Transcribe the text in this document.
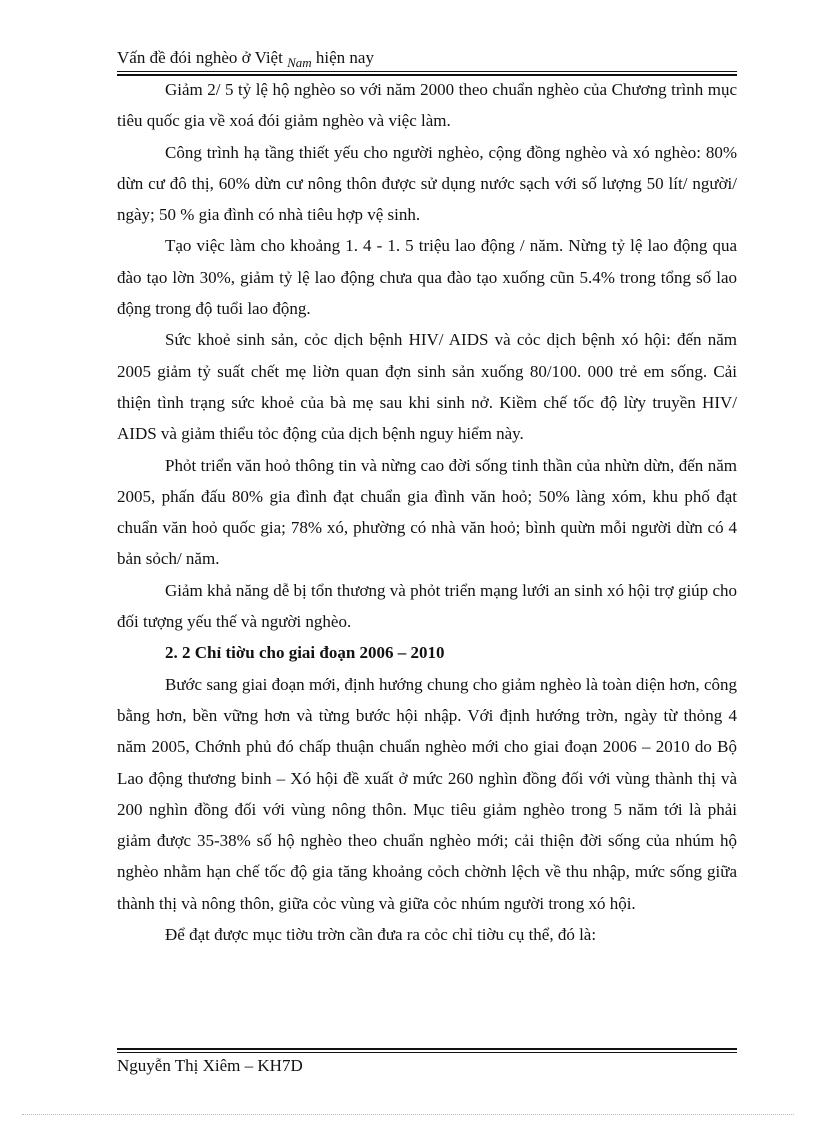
Vấn đề đói nghèo ở Việt $_{Nam}$ hiện nay

Giảm 2/ 5 tỷ lệ hộ nghèo so với năm 2000 theo chuẩn nghèo của Chương trình mục tiêu quốc gia về xoá đói giảm nghèo và việc làm.

Công trình hạ tầng thiết yếu cho người nghèo, cộng đồng nghèo và xó nghèo: 80% dừn cư đô thị, 60% dừn cư nông thôn được sử dụng nước sạch với số lượng 50 lít/ người/ ngày; 50 % gia đình có nhà tiêu hợp vệ sinh.

Tạo việc làm cho khoảng 1. 4 - 1. 5 triệu lao động / năm. Nừng tỷ lệ lao động qua đào tạo lờn 30%, giảm tỷ lệ lao động chưa qua đào tạo xuống cũn 5.4% trong tổng số lao động trong độ tuổi lao động.

Sức khoẻ sinh sản, cỏc dịch bệnh HIV/ AIDS và cỏc dịch bệnh xó hội: đến năm 2005 giảm tỷ suất chết mẹ liờn quan đợn sinh sản xuống 80/100. 000 trẻ em sống. Cải thiện tình trạng sức khoẻ của bà mẹ sau khi sinh nở. Kiềm chế tốc độ lừy truyền HIV/ AIDS và giảm thiểu tỏc động của dịch bệnh nguy hiểm này.

Phỏt triển văn hoỏ thông tin và nừng cao đời sống tinh thần của nhừn dừn, đến năm 2005, phấn đấu 80% gia đình đạt chuẩn gia đình văn hoỏ; 50% làng xóm, khu phố đạt chuẩn văn hoỏ quốc gia; 78% xó, phường có nhà văn hoỏ; bình quừn mỗi người dừn có 4 bản sỏch/ năm.

Giảm khả năng dễ bị tổn thương và phỏt triển mạng lưới an sinh xó hội trợ giúp cho đối tượng yếu thế và người nghèo.

2. 2 Chỉ tiờu cho giai đoạn 2006 – 2010

Bước sang giai đoạn mới, định hướng chung cho giảm nghèo là toàn diện hơn, công bằng hơn, bền vững hơn và từng bước hội nhập. Với định hướng trờn, ngày từ thỏng 4 năm 2005, Chớnh phủ đó chấp thuận chuẩn nghèo mới cho giai đoạn 2006 – 2010 do Bộ Lao động thương binh – Xó hội đề xuất ở mức 260 nghìn đồng đối với vùng thành thị và 200 nghìn đồng đối với vùng nông thôn. Mục tiêu giảm nghèo trong 5 năm tới là phải giảm được 35-38% số hộ nghèo theo chuẩn nghèo mới; cải thiện đời sống của nhúm hộ nghèo nhằm hạn chế tốc độ gia tăng khoảng cỏch chờnh lệch về thu nhập, mức sống giữa thành thị và nông thôn, giữa cỏc vùng và giữa cỏc nhúm người trong xó hội.

Để đạt được mục tiờu trờn cần đưa ra cỏc chỉ tiờu cụ thể, đó là:

Nguyễn Thị Xiêm – KH7D
